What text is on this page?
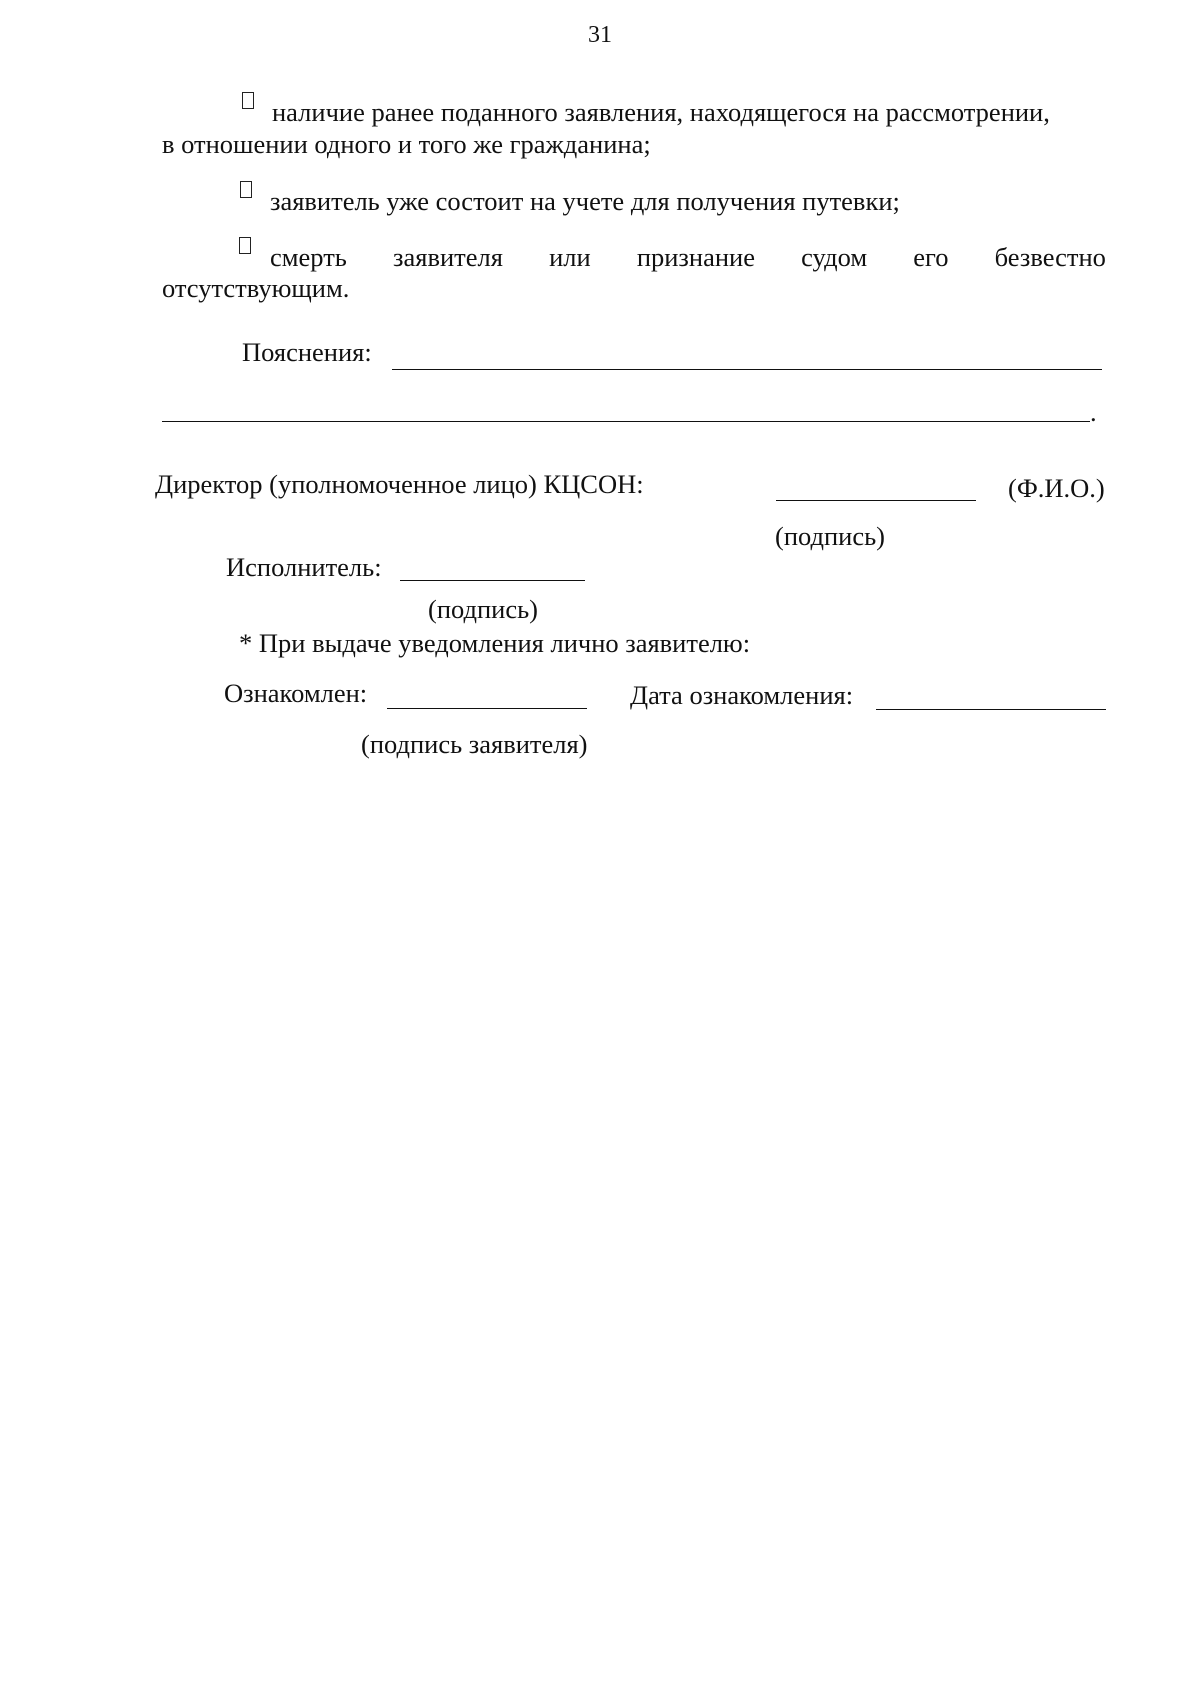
31
наличие ранее поданного заявления, находящегося на рассмотрении,
в отношении одного и того же гражданина;
заявитель уже состоит на учете для получения путевки;
смерть заявителя или признание судом его безвестно
отсутствующим.
Пояснения:
.
Директор (уполномоченное лицо) КЦСОН:	(Ф.И.О.)
(подпись)
Исполнитель:
(подпись)
* При выдаче уведомления лично заявителю:
Ознакомлен:	Дата ознакомления:
(подпись заявителя)
